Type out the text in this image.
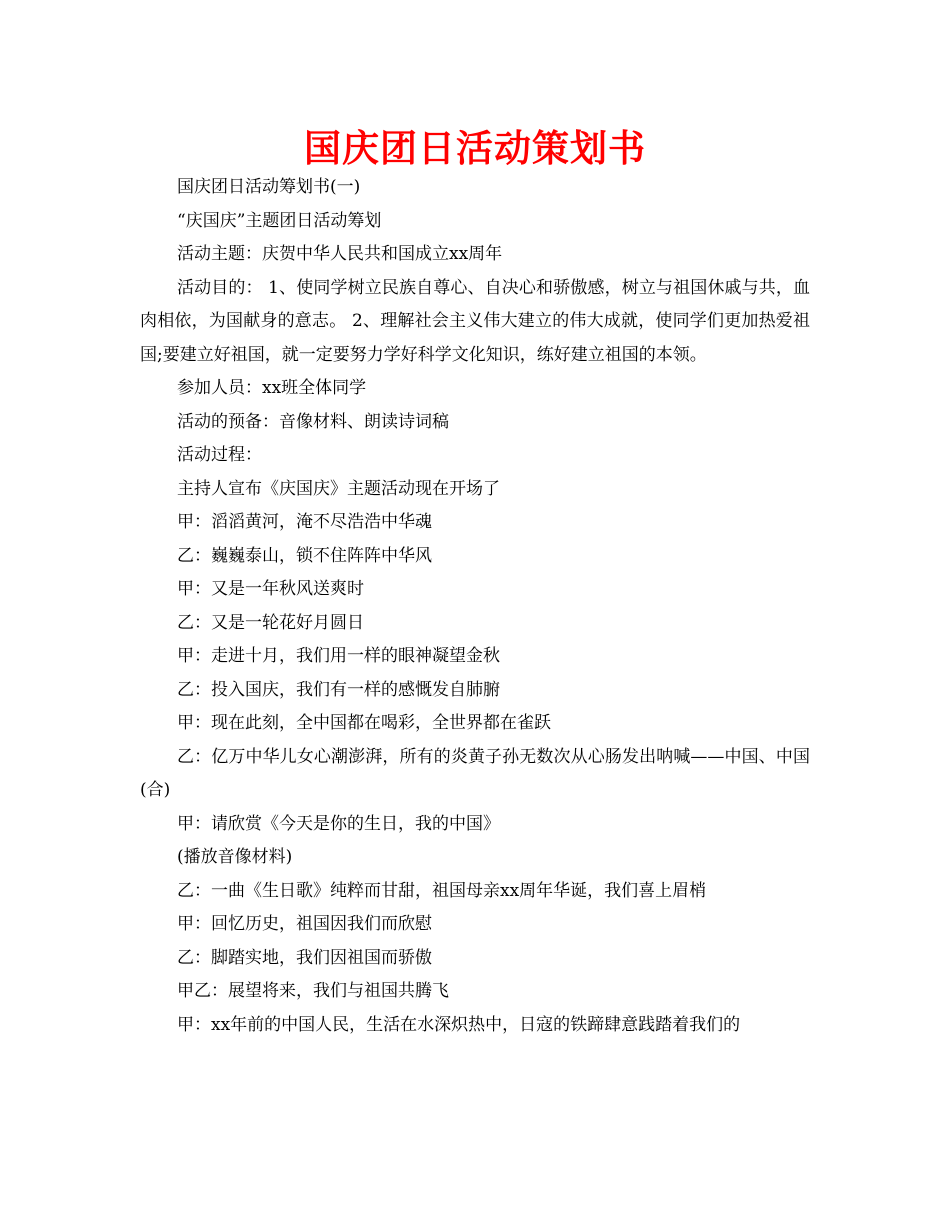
国庆团日活动策划书

国庆团日活动筹划书(一)

“庆国庆”主题团日活动筹划

活动主题：庆贺中华人民共和国成立xx周年

活动目的： 1、使同学树立民族自尊心、自决心和骄傲感，树立与祖国休戚与共，血肉相依，为国献身的意志。 2、理解社会主义伟大建立的伟大成就，使同学们更加热爱祖国;要建立好祖国，就一定要努力学好科学文化知识，练好建立祖国的本领。

参加人员：xx班全体同学

活动的预备：音像材料、朗读诗词稿

活动过程：

主持人宣布《庆国庆》主题活动现在开场了

甲：滔滔黄河，淹不尽浩浩中华魂

乙：巍巍泰山，锁不住阵阵中华风

甲：又是一年秋风送爽时

乙：又是一轮花好月圆日

甲：走进十月，我们用一样的眼神凝望金秋

乙：投入国庆，我们有一样的感慨发自肺腑

甲：现在此刻，全中国都在喝彩，全世界都在雀跃

乙：亿万中华儿女心潮澎湃，所有的炎黄子孙无数次从心肠发出呐喊——中国、中国(合)

甲：请欣赏《今天是你的生日，我的中国》

(播放音像材料)

乙：一曲《生日歌》纯粹而甘甜，祖国母亲xx周年华诞，我们喜上眉梢

甲：回忆历史，祖国因我们而欣慰

乙：脚踏实地，我们因祖国而骄傲

甲乙：展望将来，我们与祖国共腾飞

甲：xx年前的中国人民，生活在水深炽热中，日寇的铁蹄肆意践踏着我们的
